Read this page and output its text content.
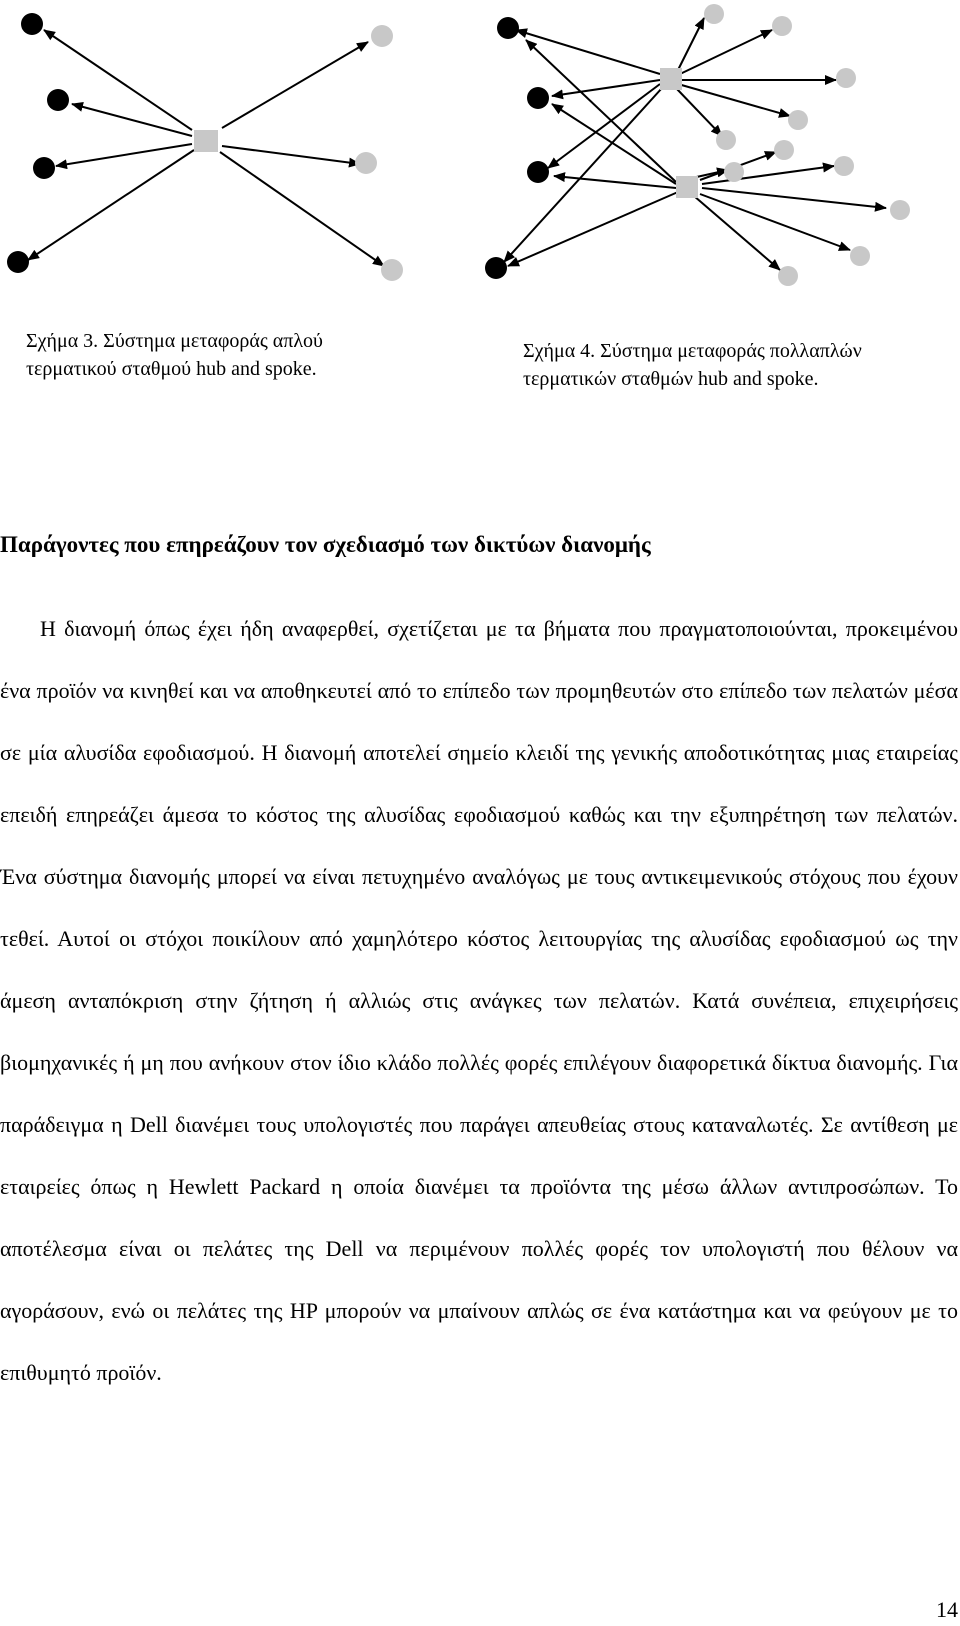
Σχήμα 3. Σύστημα μεταφοράς απλού τερματικού σταθμού hub and spoke.
Σχήμα 4. Σύστημα μεταφοράς πολλαπλών τερματικών σταθμών hub and spoke.
Παράγοντες που επηρεάζουν τον σχεδιασμό των δικτύων διανομής

Η διανομή όπως έχει ήδη αναφερθεί, σχετίζεται με τα βήματα που πραγματοποιούνται, προκειμένου ένα προϊόν να κινηθεί και να αποθηκευτεί από το επίπεδο των προμηθευτών στο επίπεδο των πελατών μέσα σε μία αλυσίδα εφοδιασμού. Η διανομή αποτελεί σημείο κλειδί της γενικής αποδοτικότητας μιας εταιρείας επειδή επηρεάζει άμεσα το κόστος της αλυσίδας εφοδιασμού καθώς και την εξυπηρέτηση των πελατών. Ένα σύστημα διανομής μπορεί να είναι πετυχημένο αναλόγως με τους αντικειμενικούς στόχους που έχουν τεθεί. Αυτοί οι στόχοι ποικίλουν από χαμηλότερο κόστος λειτουργίας της αλυσίδας εφοδιασμού ως την άμεση ανταπόκριση στην ζήτηση ή αλλιώς στις ανάγκες των πελατών. Κατά συνέπεια, επιχειρήσεις βιομηχανικές ή μη που ανήκουν στον ίδιο κλάδο πολλές φορές επιλέγουν διαφορετικά δίκτυα διανομής. Για παράδειγμα η Dell διανέμει τους υπολογιστές που παράγει απευθείας στους καταναλωτές. Σε αντίθεση με εταιρείες όπως η Hewlett Packard η οποία διανέμει τα προϊόντα της μέσω άλλων αντιπροσώπων. Το αποτέλεσμα είναι οι πελάτες της Dell να περιμένουν πολλές φορές τον υπολογιστή που θέλουν να αγοράσουν, ενώ οι πελάτες της HP μπορούν να μπαίνουν απλώς σε ένα κατάστημα και να φεύγουν με το επιθυμητό προϊόν.

14
